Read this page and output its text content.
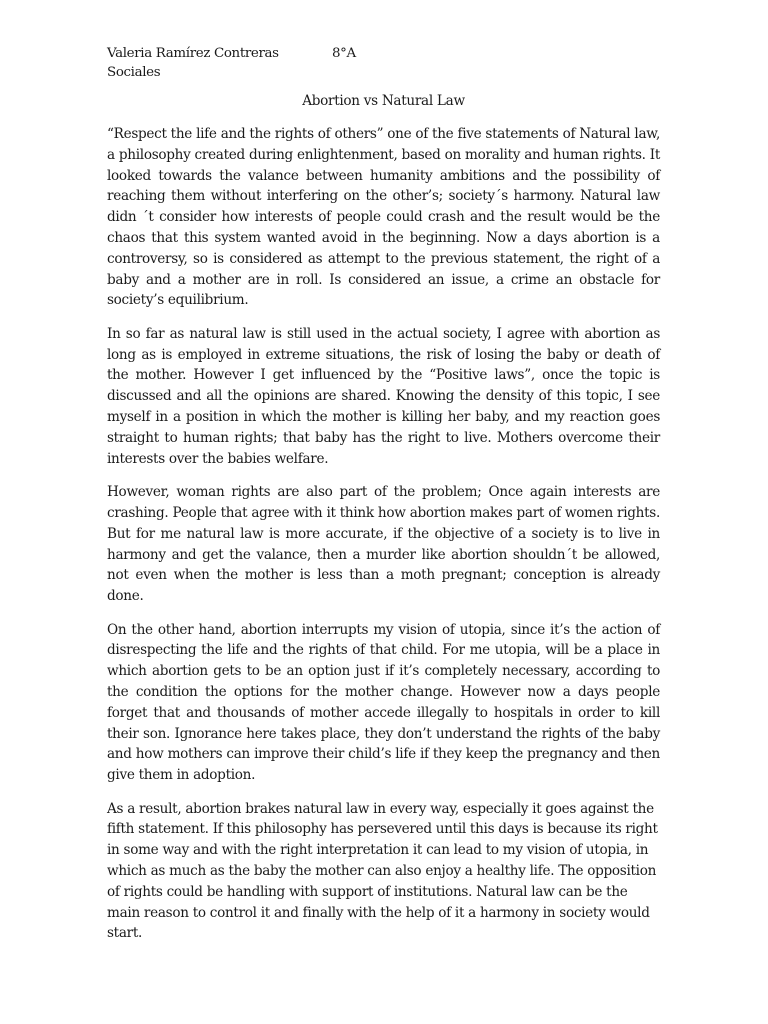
Valeria Ramírez Contreras	8°A
Sociales
Abortion vs Natural Law

“Respect the life and the rights of others” one of the five statements of Natural law, a philosophy created during enlightenment, based on morality and human rights. It looked towards the valance between humanity ambitions and the possibility of reaching them without interfering on the other’s; society´s harmony. Natural law didn ´t consider how interests of people could crash and the result would be the chaos that this system wanted avoid in the beginning. Now a days abortion is a controversy, so is considered as attempt to the previous statement, the right of a baby and a mother are in roll. Is considered an issue, a crime an obstacle for society’s equilibrium.

In so far as natural law is still used in the actual society, I agree with abortion as long as is employed in extreme situations, the risk of losing the baby or death of the mother. However I get influenced by the “Positive laws”, once the topic is discussed and all the opinions are shared. Knowing the density of this topic, I see myself in a position in which the mother is killing her baby, and my reaction goes straight to human rights; that baby has the right to live. Mothers overcome their interests over the babies welfare.

However, woman rights are also part of the problem; Once again interests are crashing. People that agree with it think how abortion makes part of women rights. But for me natural law is more accurate, if the objective of a society is to live in harmony and get the valance, then a murder like abortion shouldn´t be allowed, not even when the mother is less than a moth pregnant; conception is already done.

On the other hand, abortion interrupts my vision of utopia, since it’s the action of disrespecting the life and the rights of that child. For me utopia, will be a place in which abortion gets to be an option just if it’s completely necessary, according to the condition the options for the mother change. However now a days people forget that and thousands of mother accede illegally to hospitals in order to kill their son. Ignorance here takes place, they don’t understand the rights of the baby and how mothers can improve their child’s life if they keep the pregnancy and then give them in adoption.

As a result, abortion brakes natural law in every way, especially it goes against the fifth statement. If this philosophy has persevered until this days is because its right in some way and with the right interpretation it can lead to my vision of utopia, in which as much as the baby the mother can also enjoy a healthy life. The opposition of rights could be handling with support of institutions. Natural law can be the main reason to control it and finally with the help of it a harmony in society would start.
